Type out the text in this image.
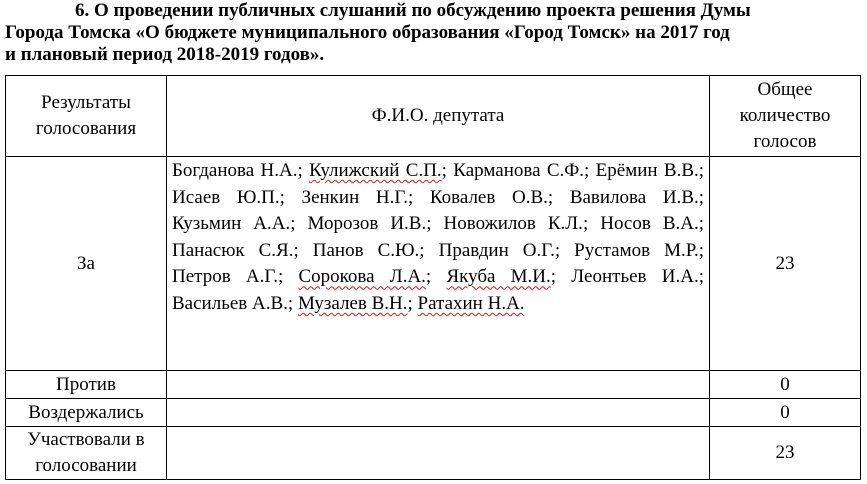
6. О проведении публичных слушаний по обсуждению проекта решения Думы
Города Томска «О бюджете муниципального образования «Город Томск» на 2017 год
и плановый период 2018-2019 годов».
Результаты голосования	Ф.И.О. депутата	Общее количество голосов
За	Богданова Н.А.; Кулижский С.П.; Карманова С.Ф.; Ерёмин В.В.; Исаев Ю.П.; Зенкин Н.Г.; Ковалев О.В.; Вавилова И.В.; Кузьмин А.А.; Морозов И.В.; Новожилов К.Л.; Носов В.А.; Панасюк С.Я.; Панов С.Ю.; Правдин О.Г.; Рустамов М.Р.; Петров А.Г.; Сорокова Л.А.; Якуба М.И.; Леонтьев И.А.; Васильев А.В.; Музалев В.Н.; Ратахин Н.А.	23
Против		0
Воздержались		0
Участвовали в голосовании		23
